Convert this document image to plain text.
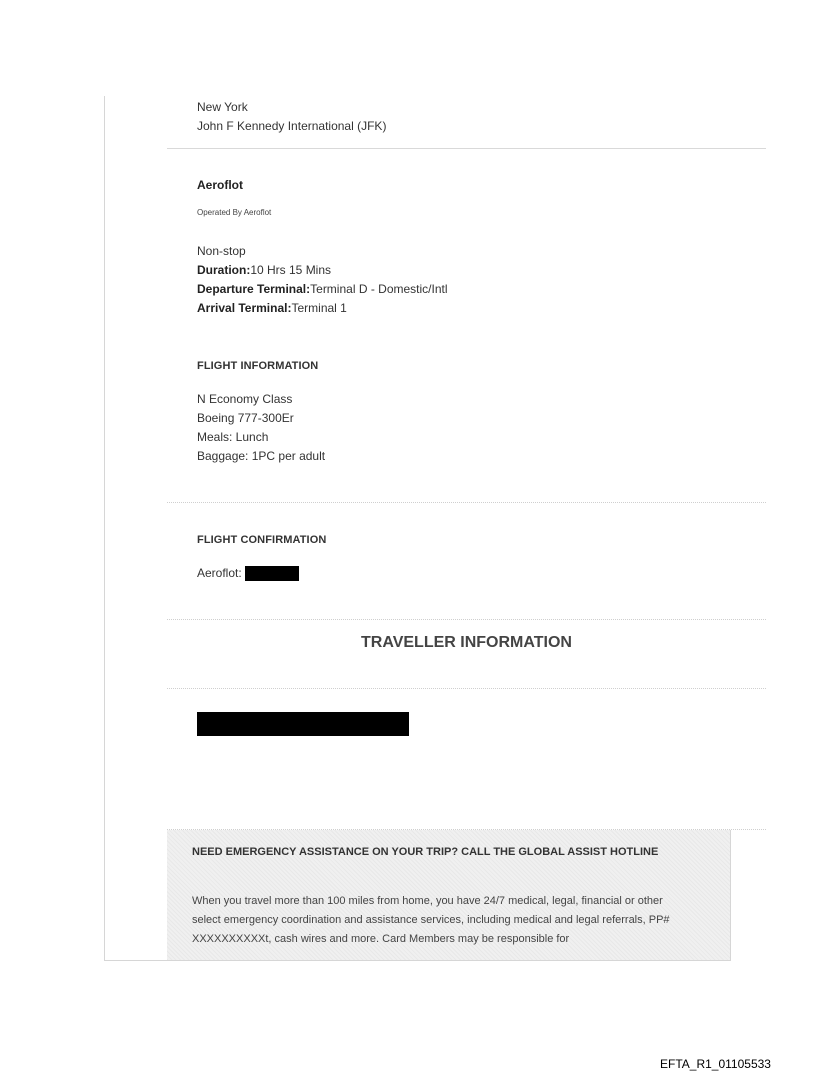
New York
John F Kennedy International (JFK)
Aeroflot
Operated By Aeroflot
Non-stop
Duration:10 Hrs 15 Mins
Departure Terminal:Terminal D - Domestic/Intl
Arrival Terminal:Terminal 1
FLIGHT INFORMATION
N Economy Class
Boeing 777-300Er
Meals: Lunch
Baggage: 1PC per adult
FLIGHT CONFIRMATION
Aeroflot:
TRAVELLER INFORMATION
NEED EMERGENCY ASSISTANCE ON YOUR TRIP? CALL THE GLOBAL ASSIST HOTLINE
When you travel more than 100 miles from home, you have 24/7 medical, legal, financial or other select emergency coordination and assistance services, including medical and legal referrals, PP# XXXXXXXXXXt, cash wires and more. Card Members may be responsible for
EFTA_R1_01105533
